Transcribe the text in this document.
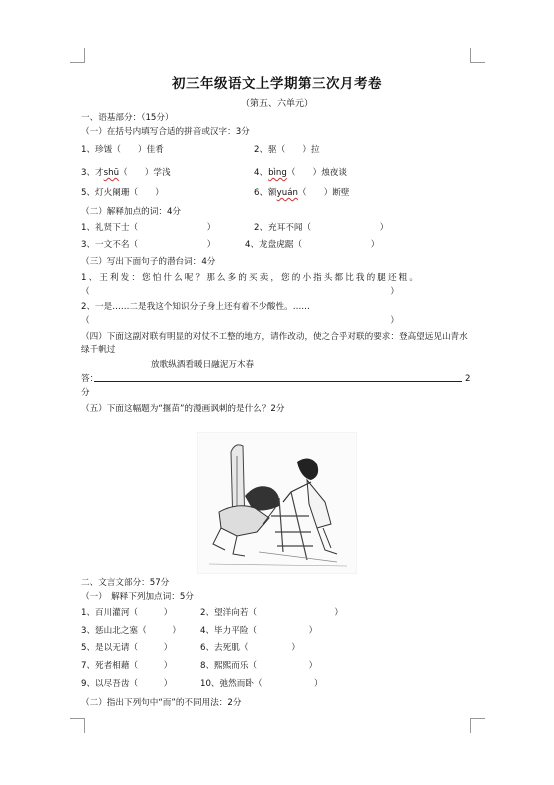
初三年级语文上学期第三次月考卷
（第五、六单元）
一、语基部分：（15分）
（一）在括号内填写合适的拼音或汉字：3分
1、珍馐（　　）佳肴	2、驱（　　）拉
3、才shū（　　）学浅	4、bìng（　　）烛夜谈
5、灯火阑珊（　　）	6、额yuán（　　）断壁
（二）解释加点的词：4分
1、礼贤下士（　　　　　　　　）	2、充耳不闻（　　　　　　　　）
3、一文不名（　　　　　　　　）	4、龙盘虎踞（　　　　　　　　）
（三）写出下面句子的潜台词：4分
1、王利发：您怕什么呢？那么多的买卖，您的小指头都比我的腿还粗。
（　　　　　　　　　　　　　　　　　　　　　　　　　　　　　　　　　　　）
2、一是……二是我这个知识分子身上还有着不少酸性。……
（　　　　　　　　　　　　　　　　　　　　　　　　　　　　　　　　　　　）
（四）下面这副对联有明显的对仗不工整的地方，请作改动，使之合乎对联的要求：登高望远见山青水绿千帆过
放歌纵酒看暖日融泥万木春
答：	2
分
（五）下面这幅题为“揠苗”的漫画讽刺的是什么？2分
二、文言文部分：57分
（一）　解释下列加点词：5分
1、百川灌河（　　　）	2、望洋向若（　　　　　　　　　）
3、惩山北之塞（　　　） 4、毕力平险（　　　　　　）
5、是以无请（　　　）	6、去死肌（　　　　　）
7、死者相藉（　　　）	8、熙熙而乐（　　　　　　）
9、以尽吾齿（　　　）	10、弛然而卧（　　　　　　）
（二）指出下列句中“而”的不同用法：2分
